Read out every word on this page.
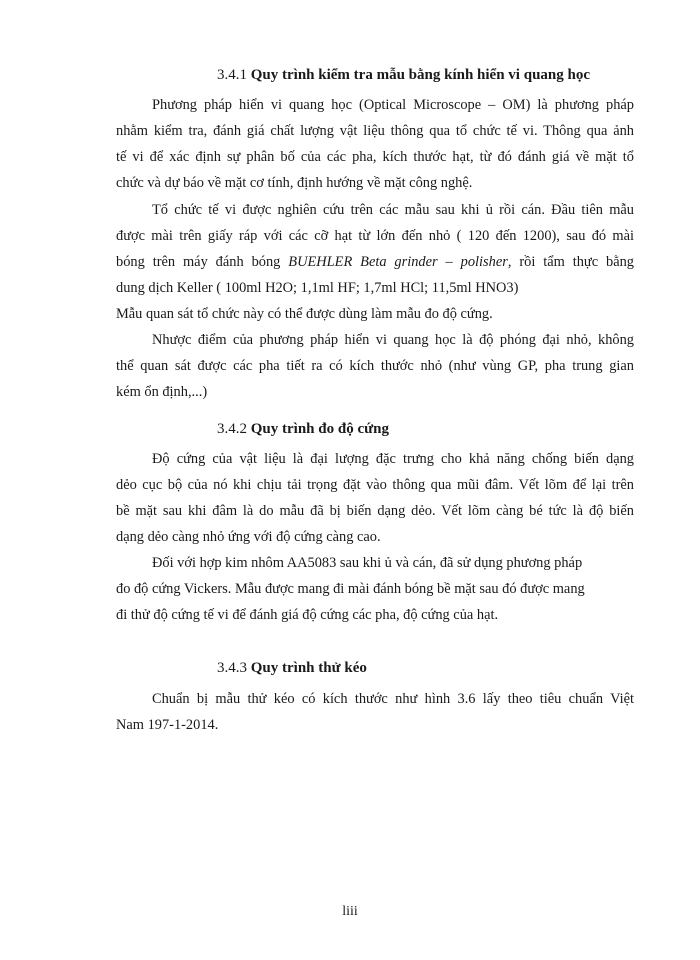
3.4.1 Quy trình kiểm tra mẫu bằng kính hiển vi quang học
Phương pháp hiển vi quang học (Optical Microscope – OM) là phương pháp
nhằm kiểm tra, đánh giá chất lượng vật liệu thông qua tổ chức tế vi. Thông qua ảnh
tế vi để xác định sự phân bố của các pha, kích thước hạt, từ đó đánh giá về mặt tổ
chức và dự báo về mặt cơ tính, định hướng về mặt công nghệ.
Tổ chức tế vi được nghiên cứu trên các mẫu sau khi ủ rồi cán. Đầu tiên mẫu
được mài trên giấy ráp với các cỡ hạt từ lớn đến nhỏ ( 120 đến 1200), sau đó mài
bóng trên máy đánh bóng BUEHLER Beta grinder – polisher, rồi tẩm thực bằng
dung dịch Keller ( 100ml H2O; 1,1ml HF; 1,7ml HCl; 11,5ml HNO3)
Mẫu quan sát tổ chức này có thể được dùng làm mẫu đo độ cứng.
Nhược điểm của phương pháp hiển vi quang học là độ phóng đại nhỏ, không
thể quan sát được các pha tiết ra có kích thước nhỏ (như vùng GP, pha trung gian
kém ổn định,...)
3.4.2 Quy trình đo độ cứng
Độ cứng của vật liệu là đại lượng đặc trưng cho khả năng chống biến dạng
dẻo cục bộ của nó khi chịu tải trọng đặt vào thông qua mũi đâm. Vết lõm để lại trên
bề mặt sau khi đâm là do mẫu đã bị biến dạng dẻo. Vết lõm càng bé tức là độ biến
dạng dẻo càng nhỏ ứng với độ cứng càng cao.
Đối với hợp kim nhôm AA5083 sau khi ủ và cán, đã sử dụng phương pháp
đo độ cứng Vickers. Mẫu được mang đi mài đánh bóng bề mặt sau đó được mang
đi thử độ cứng tế vi để đánh giá độ cứng các pha, độ cứng của hạt.
3.4.3 Quy trình thử kéo
Chuẩn bị mẫu thử kéo có kích thước như hình 3.6 lấy theo tiêu chuẩn Việt
Nam 197-1-2014.
liii
